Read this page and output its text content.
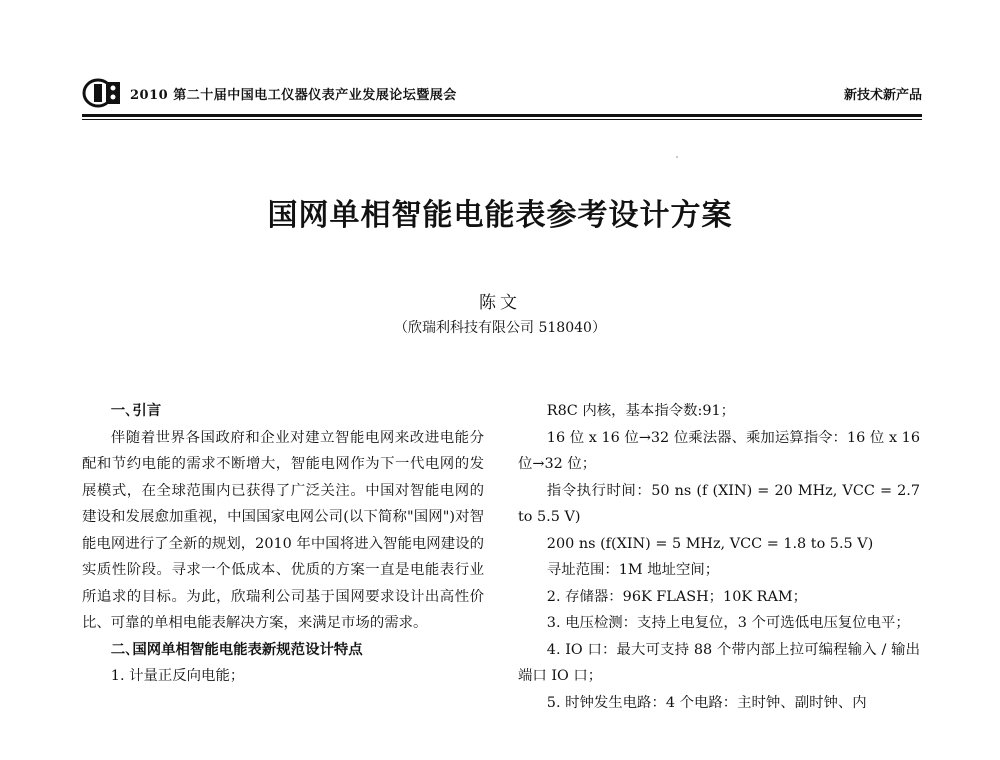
2010 第二十届中国电工仪器仪表产业发展论坛暨展会	新技术新产品
国网单相智能电能表参考设计方案
陈文
（欣瑞利科技有限公司 518040）

一､引言

伴随着世界各国政府和企业对建立智能电网来改进电能分配和节约电能的需求不断增大，智能电网作为下一代电网的发展模式，在全球范围内已获得了广泛关注。中国对智能电网的建设和发展愈加重视，中国国家电网公司(以下简称"国网")对智能电网进行了全新的规划，2010 年中国将进入智能电网建设的实质性阶段。寻求一个低成本、优质的方案一直是电能表行业所追求的目标。为此，欣瑞利公司基于国网要求设计出高性价比、可靠的单相电能表解决方案，来满足市场的需求。

二､国网单相智能电能表新规范设计特点

1. 计量正反向电能；

R8C 内核，基本指令数:91；

16 位 x 16 位→32 位乘法器、乘加运算指令：16 位 x 16 位→32 位；

指令执行时间：50 ns (f (XIN) = 20 MHz, VCC = 2.7 to 5.5 V)

200 ns (f(XIN) = 5 MHz, VCC = 1.8 to 5.5 V)

寻址范围：1M 地址空间；

2. 存储器：96K FLASH；10K RAM；

3. 电压检测：支持上电复位，3 个可选低电压复位电平；

4. IO 口：最大可支持 88 个带内部上拉可编程输入 / 输出端口 IO 口；

5. 时钟发生电路：4 个电路：主时钟、副时钟、内
